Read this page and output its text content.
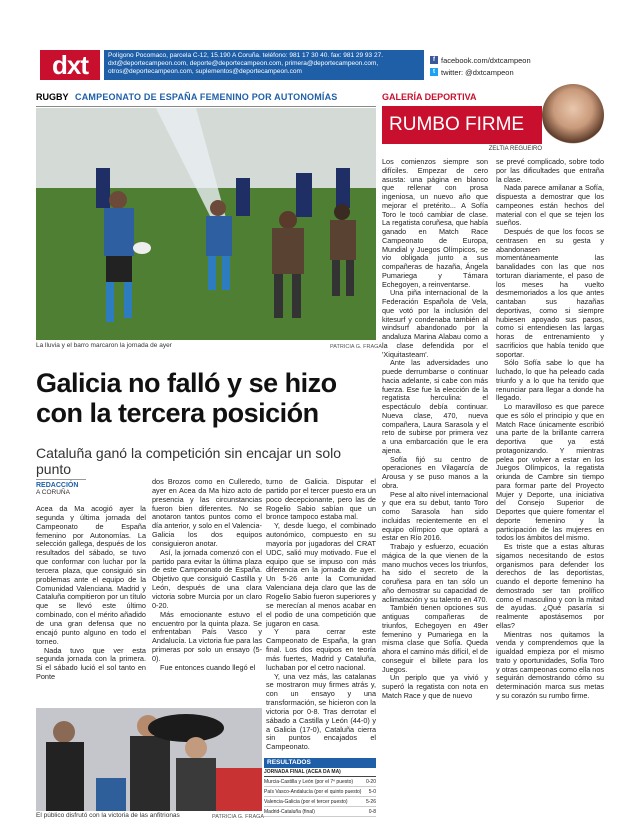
dxt	Polígono Pocomaco, parcela C-12, 15.190 A Coruña. teléfono: 981 17 30 40. fax: 981 29 93 27.
dxt@deportecampeon.com, deporte@deportecampeon.com, primera@deportecampeon.com,
otros@deportecampeon.com, suplementos@deportecampeon.com
f facebook.com/dxtcampeon
t twitter: @dxtcampeon
RUGBY CAMPEONATO DE ESPAÑA FEMENINO POR AUTONOMÍAS
La lluvia y el barro marcaron la jornada de ayer	PATRICIA G. FRAGA
Galicia no falló y se hizo con la tercera posición
Cataluña ganó la competición sin encajar un solo punto
REDACCIÓN
A CORUÑA

Acea da Ma acogió ayer la segunda y última jornada del Campeonato de España femenino por Autonomías. La selección gallega, después de los resultados del sábado, se tuvo que conformar con luchar por la tercera plaza, que consiguió sin problemas ante el equipo de la Comunidad Valenciana. Madrid y Cataluña compitieron por un título que se llevó este último combinado, con el mérito añadido de una gran defensa que no encajó punto alguno en todo el torneo.

Nada tuvo que ver esta segunda jornada con la primera. Si el sábado lució el sol tanto en Ponte

dos Brozos como en Culleredo, ayer en Acea da Ma hizo acto de presencia y las circunstancias fueron bien diferentes. No se anotaron tantos puntos como el día anterior, y solo en el Valencia-Galicia los dos equipos consiguieron anotar.

Así, la jornada comenzó con el partido para evitar la última plaza de este Campeonato de España. Objetivo que consiguió Castilla y León, después de una clara victoria sobre Murcia por un claro 0-20.

Más emocionante estuvo el encuentro por la quinta plaza. Se enfrentaban País Vasco y Andalucía. La victoria fue para las primeras por solo un ensayo (5-0).

Fue entonces cuando llegó el

turno de Galicia. Disputar el partido por el tercer puesto era un poco decepcionante, pero las de Rogelio Sabio sabían que un bronce tampoco estaba mal.

Y, desde luego, el combinado autonómico, compuesto en su mayoría por jugadoras del CRAT UDC, salió muy motivado. Fue el equipo que se impuso con más diferencia en la jornada de ayer. Un 5-26 ante la Comunidad Valenciana deja claro que las de Rogelio Sabio fueron superiores y se merecían al menos acabar en el podio de una competición que jugaron en casa.

Y para cerrar este Campeonato de España, la gran final. Los dos equipos en teoría más fuertes, Madrid y Cataluña, luchaban por el cetro nacional.

Y, una vez más, las catalanas se mostraron muy firmes atrás y, con un ensayo y una transformación, se hicieron con la victoria por 0-8. Tras derrotar el sábado a Castilla y León (44-0) y a Galicia (17-0), Cataluña cierra sin puntos encajados el Campeonato.

El público disfrutó con la victoria de las anfitrionas	PATRICIA G. FRAGA
RESULTADOS
JORNADA FINAL (ACEA DA MA)
Murcia-Castilla y León (por el 7º puesto)	0-20
País Vasco-Andalucía (por el quinto puesto) 5-0
Valencia-Galicia (por el tercer puesto)	5-26
Madrid-Cataluña (final)	0-8
GALERÍA DEPORTIVA
RUMBO FIRME
ZELTIA REGUEIRO

Los comienzos siempre son difíciles. Empezar de cero asusta: una página en blanco que rellenar con prosa ingeniosa, un nuevo año que mejorar el pretérito... A Sofía Toro le tocó cambiar de clase. La regatista coruñesa, que había ganado en Match Race Campeonato de Europa, Mundial y Juegos Olímpicos, se vio obligada junto a sus compañeras de hazaña, Ángela Pumariega y Támara Echegoyen, a reinventarse.

Una piña internacional de la Federación Española de Vela, que votó por la inclusión del kitesurf y condenaba también al windsurf abandonado por la andaluza Marina Alabau como a la clase defendida por el 'Xiquitasteam'.

Ante las adversidades uno puede derrumbarse o continuar hacia adelante, si cabe con más fuerza. Ese fue la elección de la regatista herculina: el espectáculo debía continuar. Nueva clase, 470, nueva compañera, Laura Sarasola y el reto de subirse por primera vez a una embarcación que le era ajena.

Sofía fijó su centro de operaciones en Vilagarcía de Arousa y se puso manos a la obra.

Pese al alto nivel internacional y que era su debut, tanto Toro como Sarasola han sido incluidas recientemente en el equipo olímpico que optará a estar en Río 2016.

Trabajo y esfuerzo, ecuación mágica de la que vienen de la mano muchos veces los triunfos, ha sido el secreto de la coruñesa para en tan sólo un año demostrar su capacidad de aclimatación y su talento en 470.

También tienen opciones sus antiguas compañeras de triunfos, Echegoyen en 49er femenino y Pumariega en la misma clase que Sofía. Queda ahora el camino más difícil, el de conseguir el billete para los Juegos.

Un periplo que ya vivió y superó la regatista con nota en Match Race y que de nuevo

se prevé complicado, sobre todo por las dificultades que entraña la clase.

Nada parece amilanar a Sofía, dispuesta a demostrar que los campeones están hechos del material con el que se tejen los sueños.

Después de que los focos se centrasen en su gesta y abandonasen momentáneamente las banalidades con las que nos torturan diariamente, el paso de los meses ha vuelto desmemoriados a los que antes cantaban sus hazañas deportivas, como si siempre hubiesen apoyado sus pasos, como si entendiesen las largas horas de entrenamiento y sacrificios que había tenido que soportar.

Sólo Sofía sabe lo que ha luchado, lo que ha peleado cada triunfo y a lo que ha tenido que renunciar para llegar a donde ha llegado.

Lo maravilloso es que parece que es sólo el principio y que en Match Race únicamente escribió una parte de la brillante carrera deportiva que ya está protagonizando. Y mientras pelea por volver a estar en los Juegos Olímpicos, la regatista oriunda de Cambre sin tiempo para formar parte del Proyecto Mujer y Deporte, una iniciativa del Consejo Superior de Deportes que quiere fomentar el deporte femenino y la participación de las mujeres en todos los ámbitos del mismo.

Es triste que a estas alturas sigamos necesitando de estos organismos para defender los derechos de las deportistas, cuando el deporte femenino ha demostrado ser tan prolífico como el masculino y con la mitad de ayudas. ¿Qué pasaría si realmente apostásemos por ellas?

Mientras nos quitamos la venda y comprendemos que la igualdad empieza por el mismo trato y oportunidades, Sofía Toro y otras campeonas como ella nos seguirán demostrando cómo su determinación marca sus metas y su corazón su rumbo firme.
